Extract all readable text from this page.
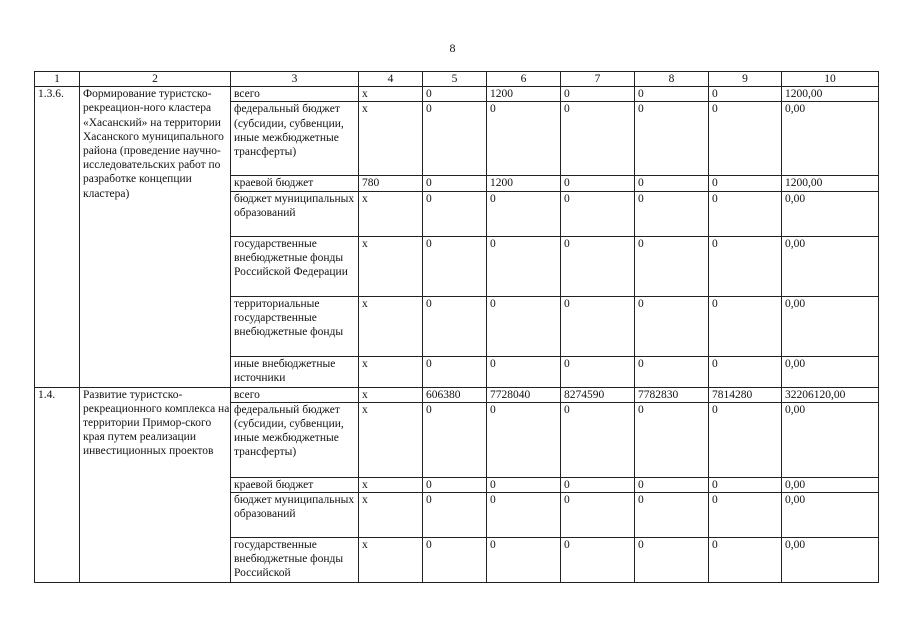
8
1	2	3	4	5	6	7	8	9	10
1.3.6.	Формирование туристско-рекреацион-ного кластера «Хасанский» на территории Хасанского муниципального района (проведение научно-исследовательских работ по разработке концепции кластера)	всего	х	0	1200	0	0	0	1200,00
		федеральный бюджет (субсидии, субвенции, иные межбюджетные трансферты)	х	0	0	0	0	0	0,00
		краевой бюджет	780	0	1200	0	0	0	1200,00
		бюджет муниципальных образований	х	0	0	0	0	0	0,00
		государственные внебюджетные фонды Российской Федерации	х	0	0	0	0	0	0,00
		территориальные государственные внебюджетные фонды	х	0	0	0	0	0	0,00
		иные внебюджетные источники	х	0	0	0	0	0	0,00
1.4.	Развитие туристско-рекреационного комплекса на территории Примор-ского края путем реализации инвестиционных проектов	всего	х	606380	7728040	8274590	7782830	7814280	32206120,00
		федеральный бюджет (субсидии, субвенции, иные межбюджетные трансферты)	х	0	0	0	0	0	0,00
		краевой бюджет	х	0	0	0	0	0	0,00
		бюджет муниципальных образований	х	0	0	0	0	0	0,00
		государственные внебюджетные фонды Российской	х	0	0	0	0	0	0,00
